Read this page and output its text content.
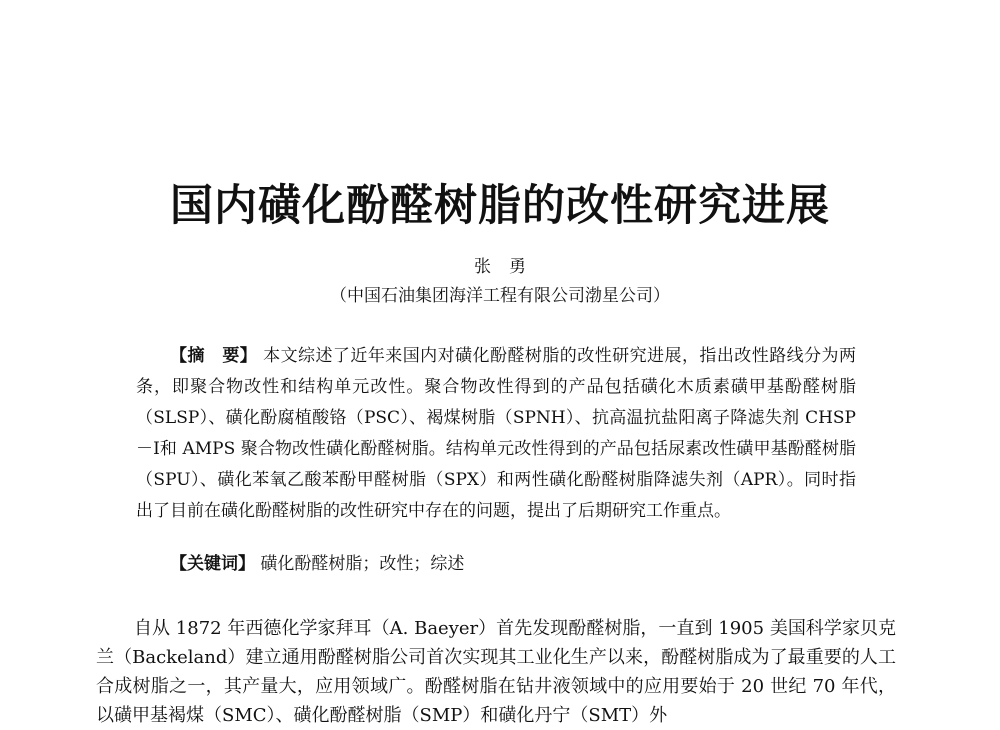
国内磺化酚醛树脂的改性研究进展
张勇
（中国石油集团海洋工程有限公司渤星公司）
【摘　要】 本文综述了近年来国内对磺化酚醛树脂的改性研究进展，指出改性路线分为两条，即聚合物改性和结构单元改性。聚合物改性得到的产品包括磺化木质素磺甲基酚醛树脂（SLSP）、磺化酚腐植酸铬（PSC）、褐煤树脂（SPNH）、抗高温抗盐阳离子降滤失剂 CHSP－Ⅰ和 AMPS 聚合物改性磺化酚醛树脂。结构单元改性得到的产品包括尿素改性磺甲基酚醛树脂（SPU）、磺化苯氧乙酸苯酚甲醛树脂（SPX）和两性磺化酚醛树脂降滤失剂（APR）。同时指出了目前在磺化酚醛树脂的改性研究中存在的问题，提出了后期研究工作重点。
【关键词】 磺化酚醛树脂；改性；综述
自从 1872 年西德化学家拜耳（A. Baeyer）首先发现酚醛树脂，一直到 1905 美国科学家贝克兰（Backeland）建立通用酚醛树脂公司首次实现其工业化生产以来，酚醛树脂成为了最重要的人工合成树脂之一，其产量大，应用领域广。酚醛树脂在钻井液领域中的应用要始于 20 世纪 70 年代，以磺甲基褐煤（SMC）、磺化酚醛树脂（SMP）和磺化丹宁（SMT）外
